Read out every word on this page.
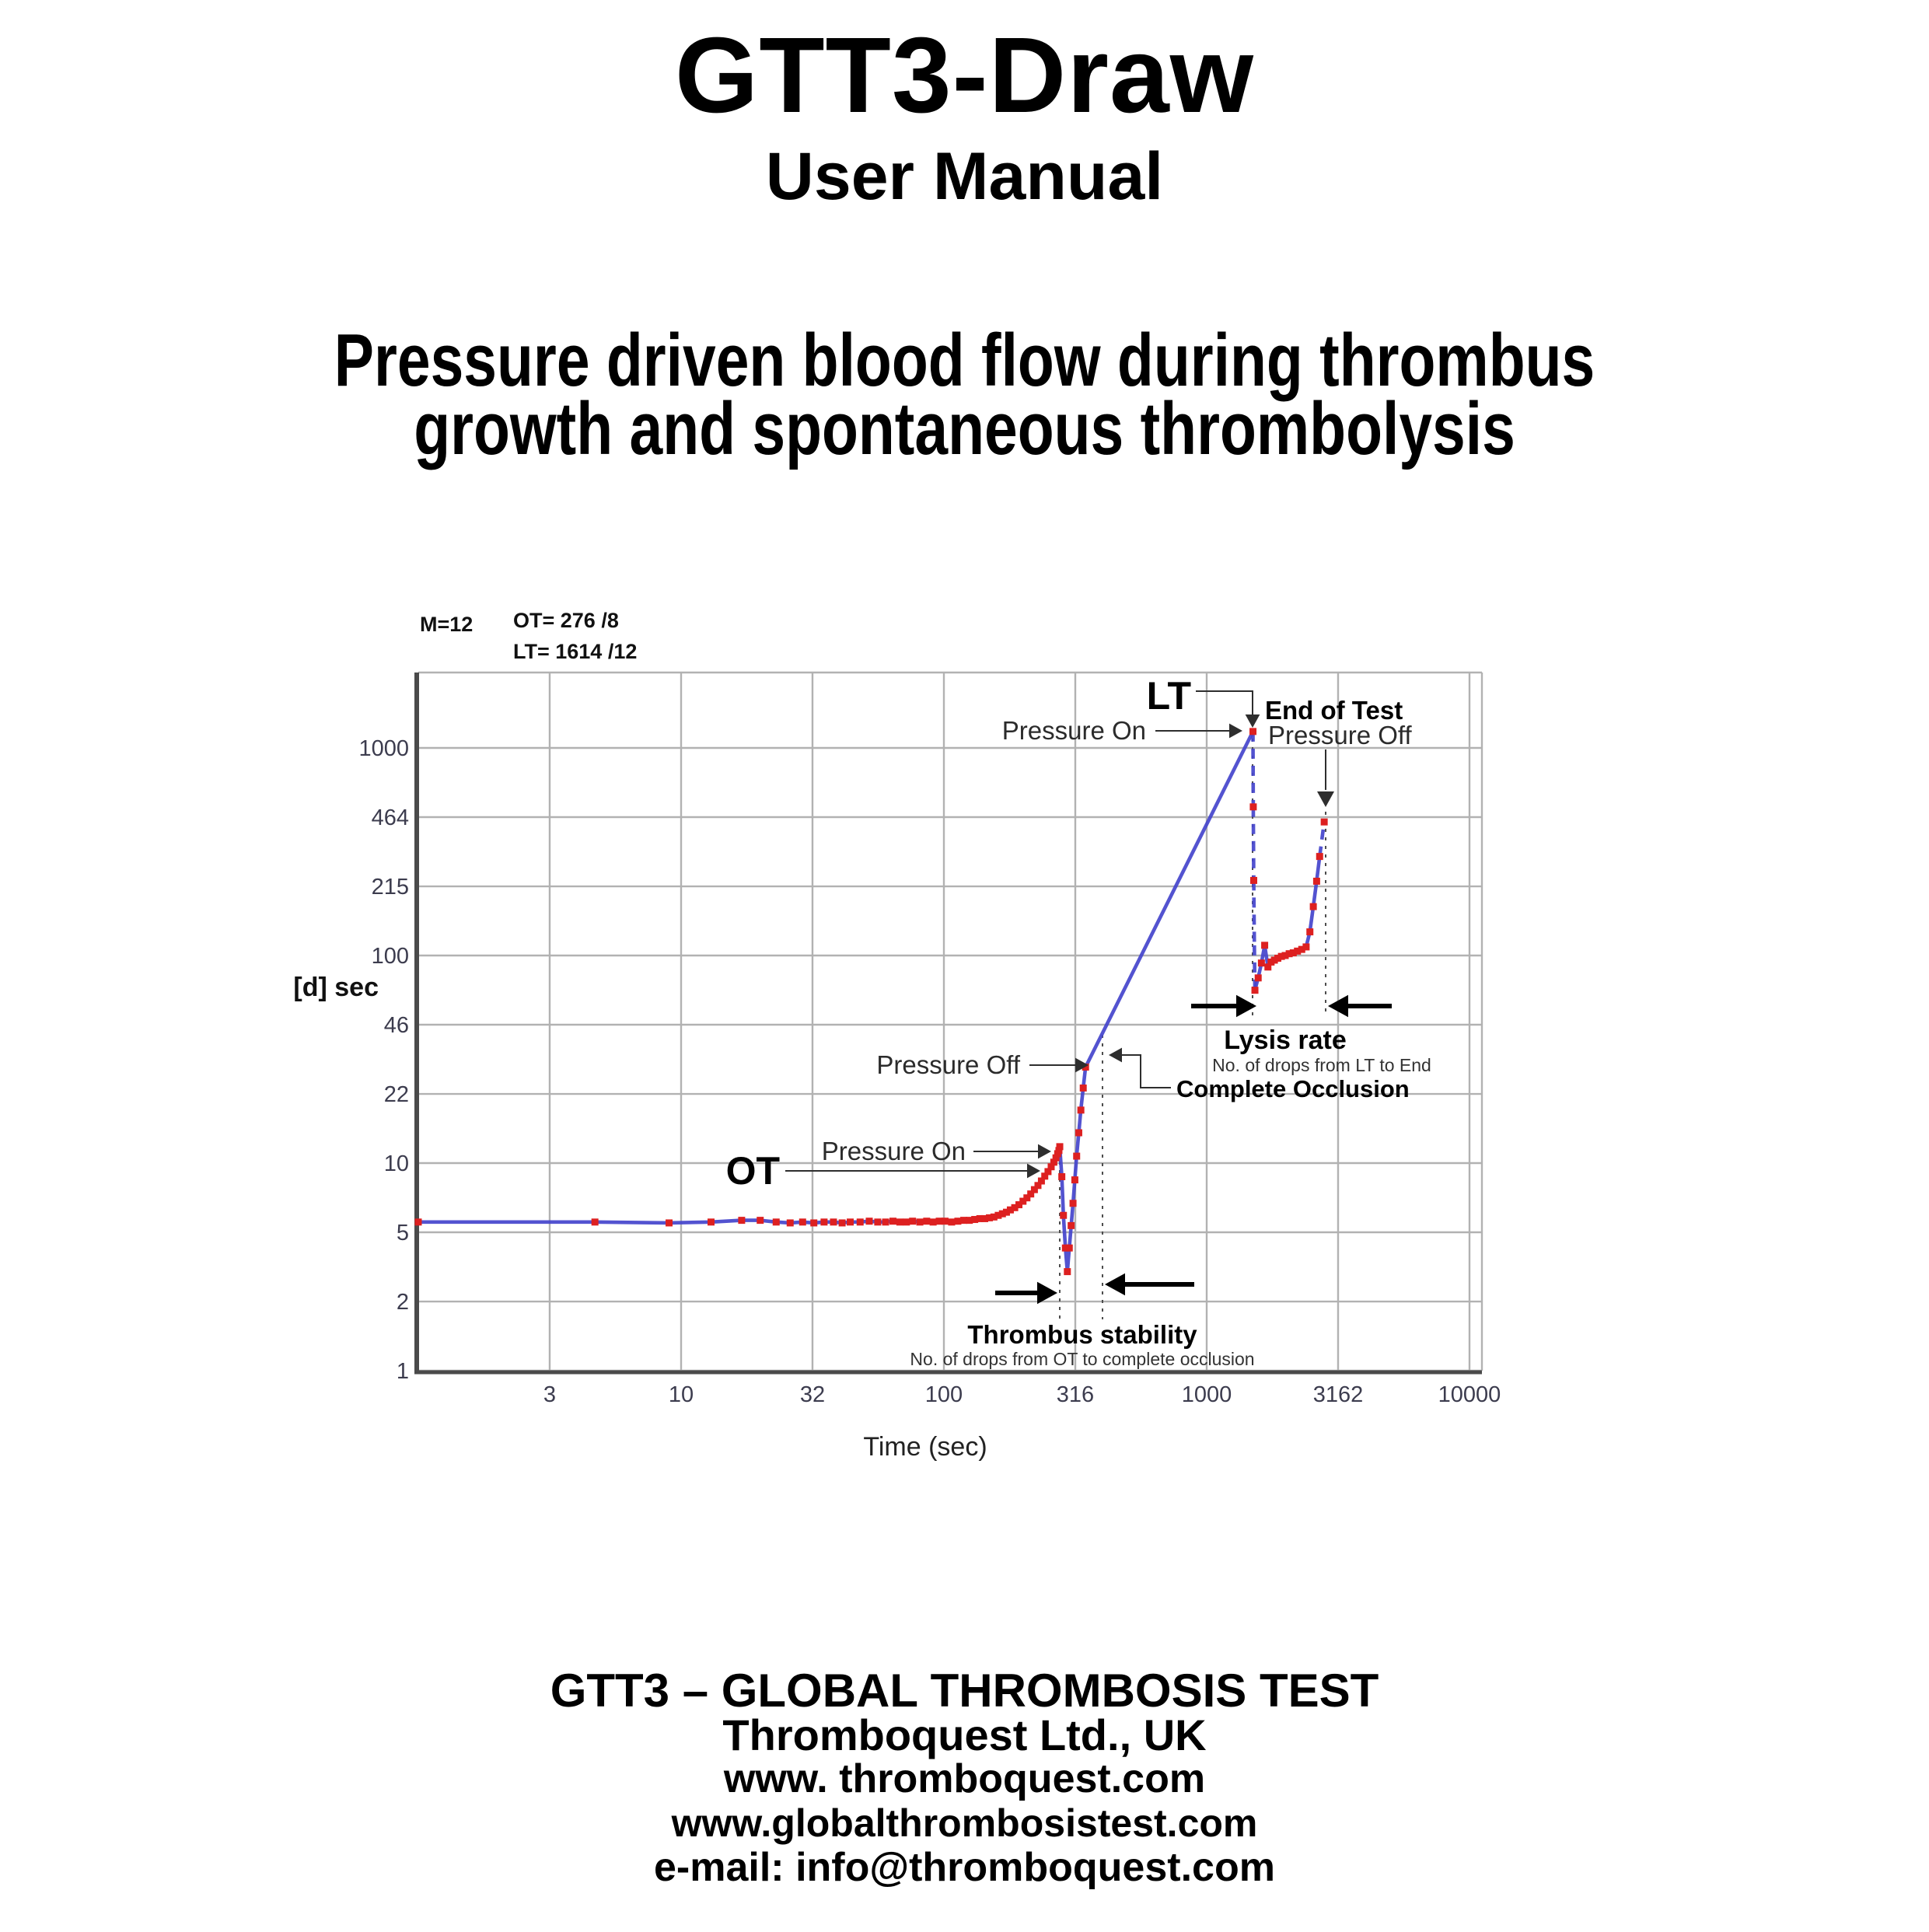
GTT3-Draw
User Manual
Pressure driven blood flow during thrombus
growth and spontaneous thrombolysis
3	10	32	100	316	1000	3162	10000
1
2
5
10
22
46
100
215
464
1000
M=12 OT= 276 /8
LT= 1614 /12
LT
Pressure On
End of Test
Pressure Off
Lysis rate
No. of drops from LT to End
Complete Occlusion
Pressure Off
Pressure On
OT
Thrombus stability
No. of drops from OT to complete occlusion
[d] sec
Time (sec)
GTT3 – GLOBAL THROMBOSIS TEST
Thromboquest Ltd., UK
www. thromboquest.com
www.globalthrombosistest.com
e-mail: info@thromboquest.com
